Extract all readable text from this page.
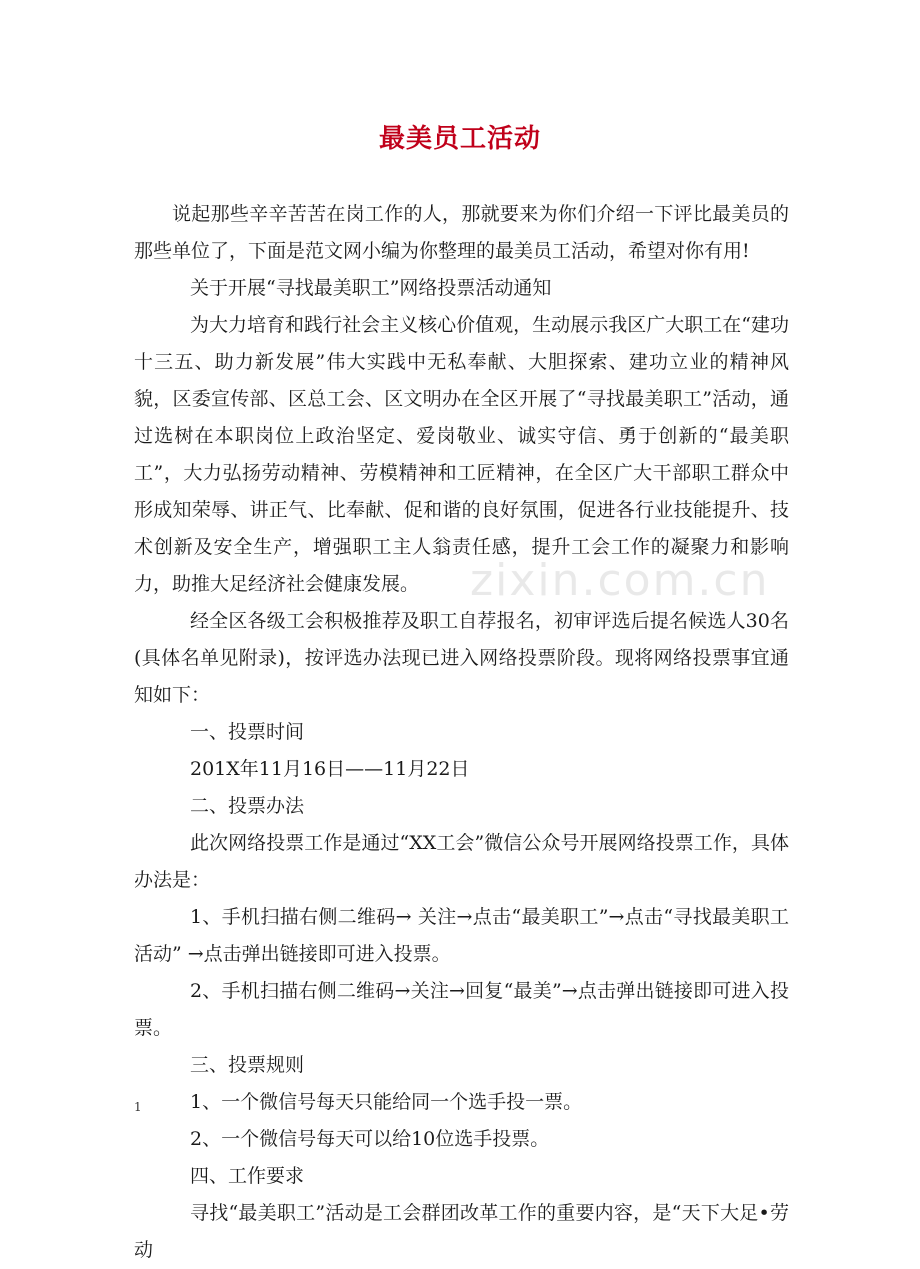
最美员工活动
zixin.com.cn

说起那些辛辛苦苦在岗工作的人，那就要来为你们介绍一下评比最美员的那些单位了，下面是范文网小编为你整理的最美员工活动，希望对你有用!

关于开展“寻找最美职工”网络投票活动通知

为大力培育和践行社会主义核心价值观，生动展示我区广大职工在“建功十三五、助力新发展”伟大实践中无私奉献、大胆探索、建功立业的精神风貌，区委宣传部、区总工会、区文明办在全区开展了“寻找最美职工”活动，通过选树在本职岗位上政治坚定、爱岗敬业、诚实守信、勇于创新的“最美职工”，大力弘扬劳动精神、劳模精神和工匠精神，在全区广大干部职工群众中形成知荣辱、讲正气、比奉献、促和谐的良好氛围，促进各行业技能提升、技术创新及安全生产，增强职工主人翁责任感，提升工会工作的凝聚力和影响力，助推大足经济社会健康发展。

经全区各级工会积极推荐及职工自荐报名，初审评选后提名候选人30名(具体名单见附录)，按评选办法现已进入网络投票阶段。现将网络投票事宜通知如下：

一、投票时间

201X年11月16日——11月22日

二、投票办法

此次网络投票工作是通过“XX工会”微信公众号开展网络投票工作，具体办法是：

1、手机扫描右侧二维码→ 关注→点击“最美职工”→点击“寻找最美职工活动” →点击弹出链接即可进入投票。

2、手机扫描右侧二维码→关注→回复“最美”→点击弹出链接即可进入投票。

三、投票规则

1、一个微信号每天只能给同一个选手投一票。

2、一个微信号每天可以给10位选手投票。

四、工作要求

寻找“最美职工”活动是工会群团改革工作的重要内容，是“天下大足•劳动

1
